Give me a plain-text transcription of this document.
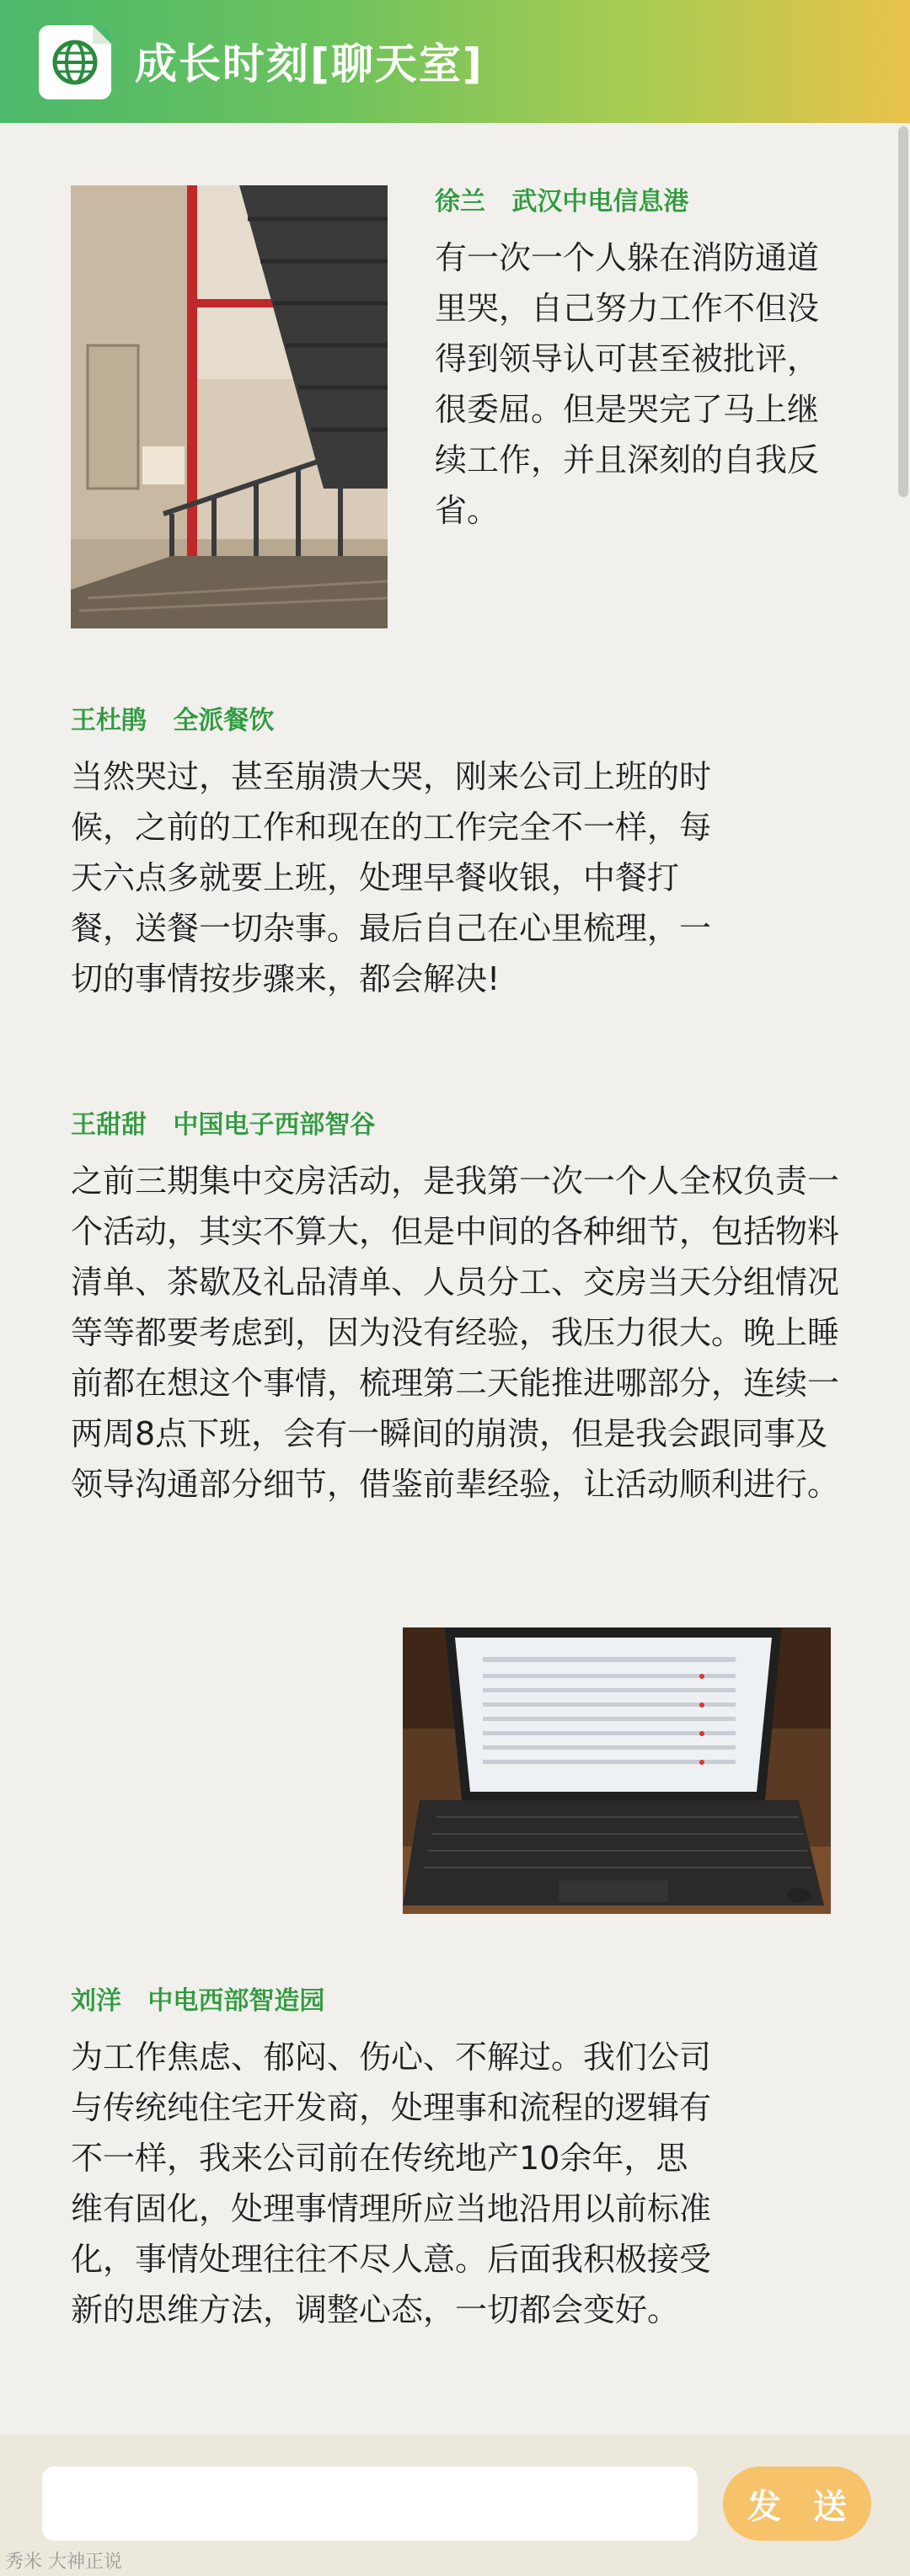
成长时刻[聊天室]
徐兰   武汉中电信息港
有一次一个人躲在消防通道里哭，自己努力工作不但没得到领导认可甚至被批评，很委屈。但是哭完了马上继续工作，并且深刻的自我反省。
王杜鹃   全派餐饮
当然哭过，甚至崩溃大哭，刚来公司上班的时候，之前的工作和现在的工作完全不一样，每天六点多就要上班，处理早餐收银，中餐打餐，送餐一切杂事。最后自己在心里梳理，一切的事情按步骤来，都会解决!
王甜甜   中国电子西部智谷
之前三期集中交房活动，是我第一次一个人全权负责一个活动，其实不算大，但是中间的各种细节，包括物料清单、茶歇及礼品清单、人员分工、交房当天分组情况等等都要考虑到，因为没有经验，我压力很大。晚上睡前都在想这个事情，梳理第二天能推进哪部分，连续一两周8点下班，会有一瞬间的崩溃，但是我会跟同事及领导沟通部分细节，借鉴前辈经验，让活动顺利进行。
刘洋   中电西部智造园
为工作焦虑、郁闷、伤心、不解过。我们公司与传统纯住宅开发商，处理事和流程的逻辑有不一样，我来公司前在传统地产10余年，思维有固化，处理事情理所应当地沿用以前标准化，事情处理往往不尽人意。后面我积极接受新的思维方法，调整心态，一切都会变好。
发 送
秀米 大神正说
